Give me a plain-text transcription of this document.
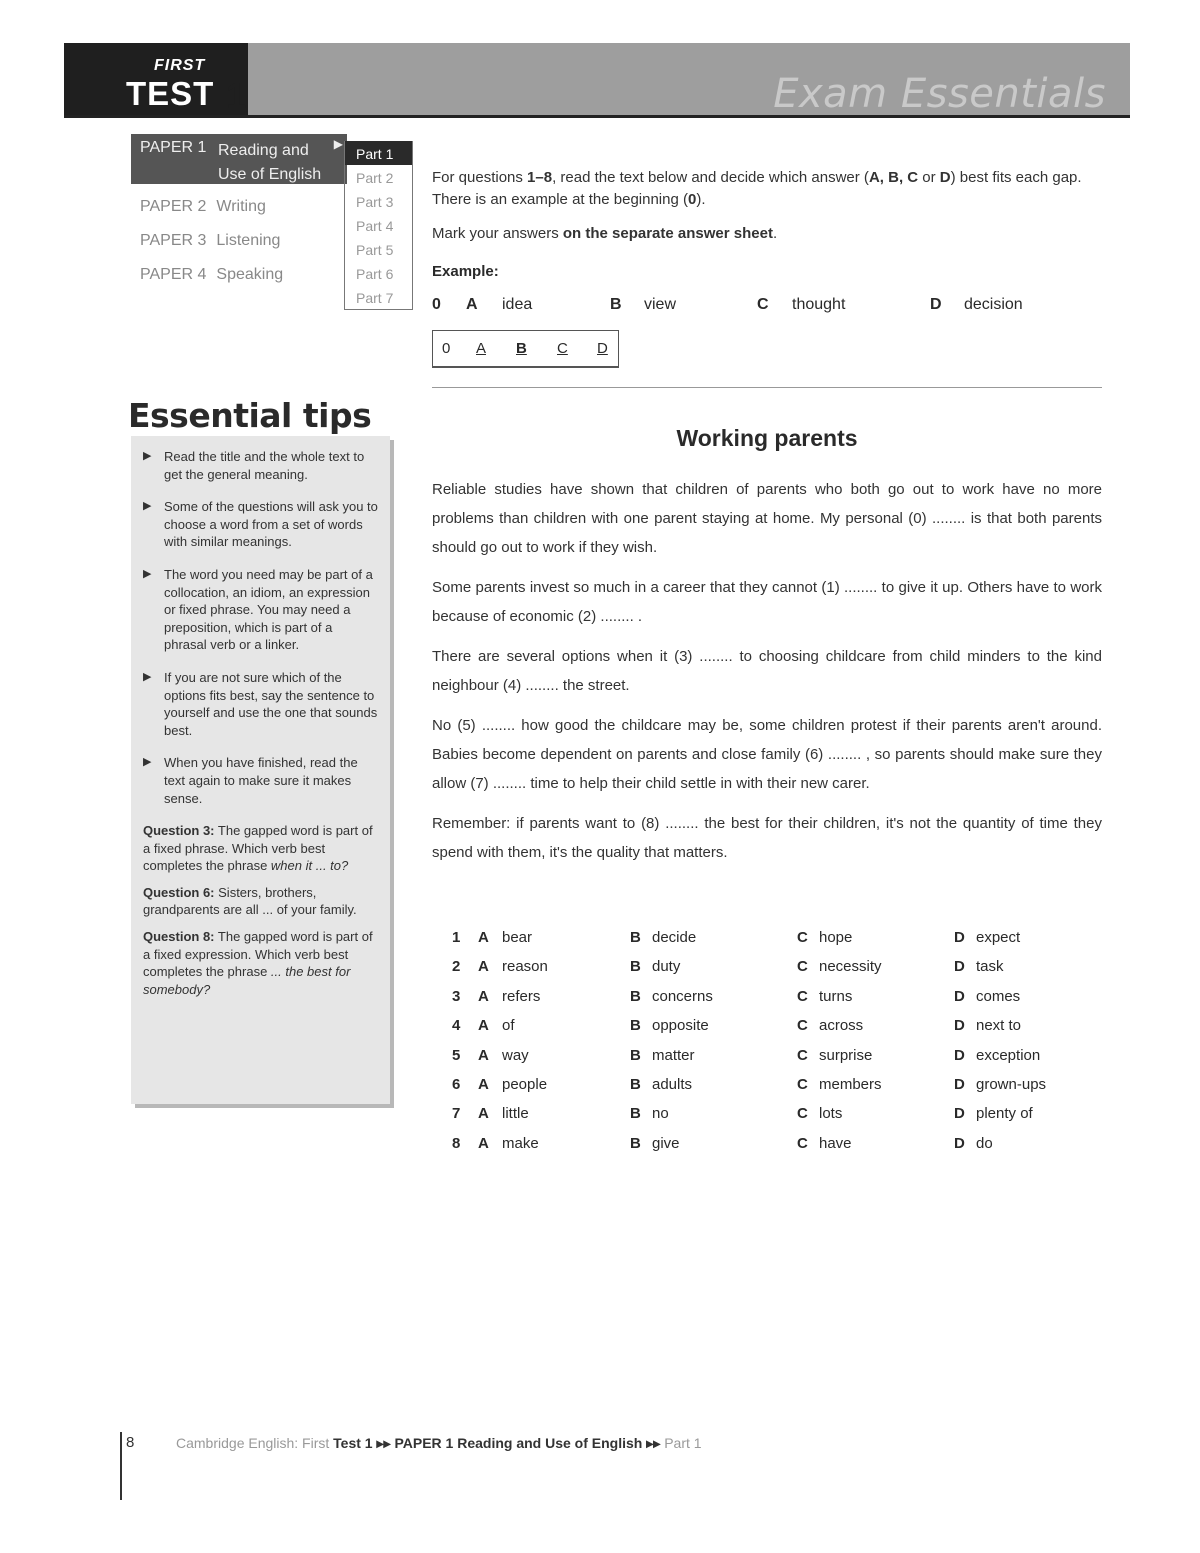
FIRST
TEST 1	Exam Essentials
PAPER 1 Reading and Use of English
▶
PAPER 2 Writing
PAPER 3 Listening
PAPER 4 Speaking
Part 1
Part 2
Part 3
Part 4
Part 5
Part 6
Part 7
Essential tips
▶ Read the title and the whole text to get the general meaning.
▶ Some of the questions will ask you to choose a word from a set of words with similar meanings.
▶ The word you need may be part of a collocation, an idiom, an expression or fixed phrase. You may need a preposition, which is part of a phrasal verb or a linker.
▶ If you are not sure which of the options fits best, say the sentence to yourself and use the one that sounds best.
▶ When you have finished, read the text again to make sure it makes sense.
Question 3: The gapped word is part of a fixed phrase. Which verb best completes the phrase when it ... to?
Question 6: Sisters, brothers, grandparents are all ... of your family.
Question 8: The gapped word is part of a fixed expression. Which verb best completes the phrase ... the best for somebody?

For questions 1–8, read the text below and decide which answer (A, B, C or D) best fits each gap. There is an example at the beginning (0).

Mark your answers on the separate answer sheet.

Example:
0 A idea	B view	C thought	D decision
0 A B C D
Working parents

Reliable studies have shown that children of parents who both go out to work have no more problems than children with one parent staying at home. My personal (0) ........ is that both parents should go out to work if they wish.

Some parents invest so much in a career that they cannot (1) ........ to give it up. Others have to work because of economic (2) ........ .

There are several options when it (3) ........ to choosing childcare from child minders to the kind neighbour (4) ........ the street.

No (5) ........ how good the childcare may be, some children protest if their parents aren't around. Babies become dependent on parents and close family (6) ........ , so parents should make sure they allow (7) ........ time to help their child settle in with their new carer.

Remember: if parents want to (8) ........ the best for their children, it's not the quantity of time they spend with them, it's the quality that matters.

1 A bear	B decide	C hope	D expect
2 A reason	B duty	C necessity	D task
3 A refers	B concerns	C turns	D comes
4 A of	B opposite	C across	D next to
5 A way	B matter	C surprise	D exception
6 A people	B adults	C members	D grown-ups
7 A little	B no	C lots	D plenty of
8 A make	B give	C have	D do
8	Cambridge English: First Test 1 ▸▸ PAPER 1 Reading and Use of English ▸▸ Part 1
